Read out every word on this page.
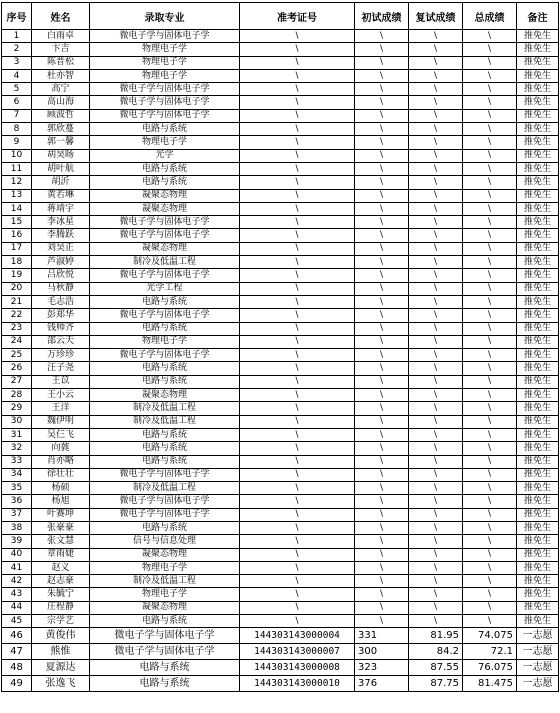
序号	姓名	录取专业	准考证号	初试成绩	复试成绩	总成绩	备注
1	白雨卓	微电子学与固体电子学	\	\	\	\	推免生
2	卞吉	物理电子学	\	\	\	\	推免生
3	陈晋松	物理电子学	\	\	\	\	推免生
4	杜亦智	物理电子学	\	\	\	\	推免生
5	高宁	微电子学与固体电子学	\	\	\	\	推免生
6	高山海	微电子学与固体电子学	\	\	\	\	推免生
7	顾波哲	微电子学与固体电子学	\	\	\	\	推免生
8	郭欣蔓	电路与系统	\	\	\	\	推免生
9	郭一馨	物理电子学	\	\	\	\	推免生
10	胡昊旸	光学	\	\	\	\	推免生
11	胡叶航	电路与系统	\	\	\	\	推免生
12	胡沂	电路与系统	\	\	\	\	推免生
13	黄若琳	凝聚态物理	\	\	\	\	推免生
14	蒋靖宇	凝聚态物理	\	\	\	\	推免生
15	李冰星	微电子学与固体电子学	\	\	\	\	推免生
16	李腾跃	微电子学与固体电子学	\	\	\	\	推免生
17	刘昊正	凝聚态物理	\	\	\	\	推免生
18	芦淑婷	制冷及低温工程	\	\	\	\	推免生
19	吕欣悦	微电子学与固体电子学	\	\	\	\	推免生
20	马秋静	光学工程	\	\	\	\	推免生
21	毛志浩	电路与系统	\	\	\	\	推免生
22	彭郑华	微电子学与固体电子学	\	\	\	\	推免生
23	钱帅齐	电路与系统	\	\	\	\	推免生
24	邵云天	物理电子学	\	\	\	\	推免生
25	万珍珍	微电子学与固体电子学	\	\	\	\	推免生
26	汪子尧	电路与系统	\	\	\	\	推免生
27	王苡	电路与系统	\	\	\	\	推免生
28	王小云	凝聚态物理	\	\	\	\	推免生
29	王洋	制冷及低温工程	\	\	\	\	推免生
30	魏伊明	制冷及低温工程	\	\	\	\	推免生
31	吴仨飞	电路与系统	\	\	\	\	推免生
32	向蕤	电路与系统	\	\	\	\	推免生
33	肖亦略	电路与系统	\	\	\	\	推免生
34	徐壮壮	微电子学与固体电子学	\	\	\	\	推免生
35	杨硕	制冷及低温工程	\	\	\	\	推免生
36	杨旭	微电子学与固体电子学	\	\	\	\	推免生
37	叶赛坤	微电子学与固体电子学	\	\	\	\	推免生
38	张豪豪	电路与系统	\	\	\	\	推免生
39	张文慧	信号与信息处理	\	\	\	\	推免生
40	章雨婕	凝聚态物理	\	\	\	\	推免生
41	赵义	物理电子学	\	\	\	\	推免生
42	赵志豪	制冷及低温工程	\	\	\	\	推免生
43	朱毓宁	物理电子学	\	\	\	\	推免生
44	庄程静	凝聚态物理	\	\	\	\	推免生
45	宗学艺	电路与系统	\	\	\	\	推免生
46	黄俊伟	微电子学与固体电子学	144303143000004	331	81.95	74.075	一志愿
47	熊惟	微电子学与固体电子学	144303143000007	300	84.2	72.1	一志愿
48	夏源达	电路与系统	144303143000008	323	87.55	76.075	一志愿
49	张逸飞	电路与系统	144303143000010	376	87.75	81.475	一志愿
